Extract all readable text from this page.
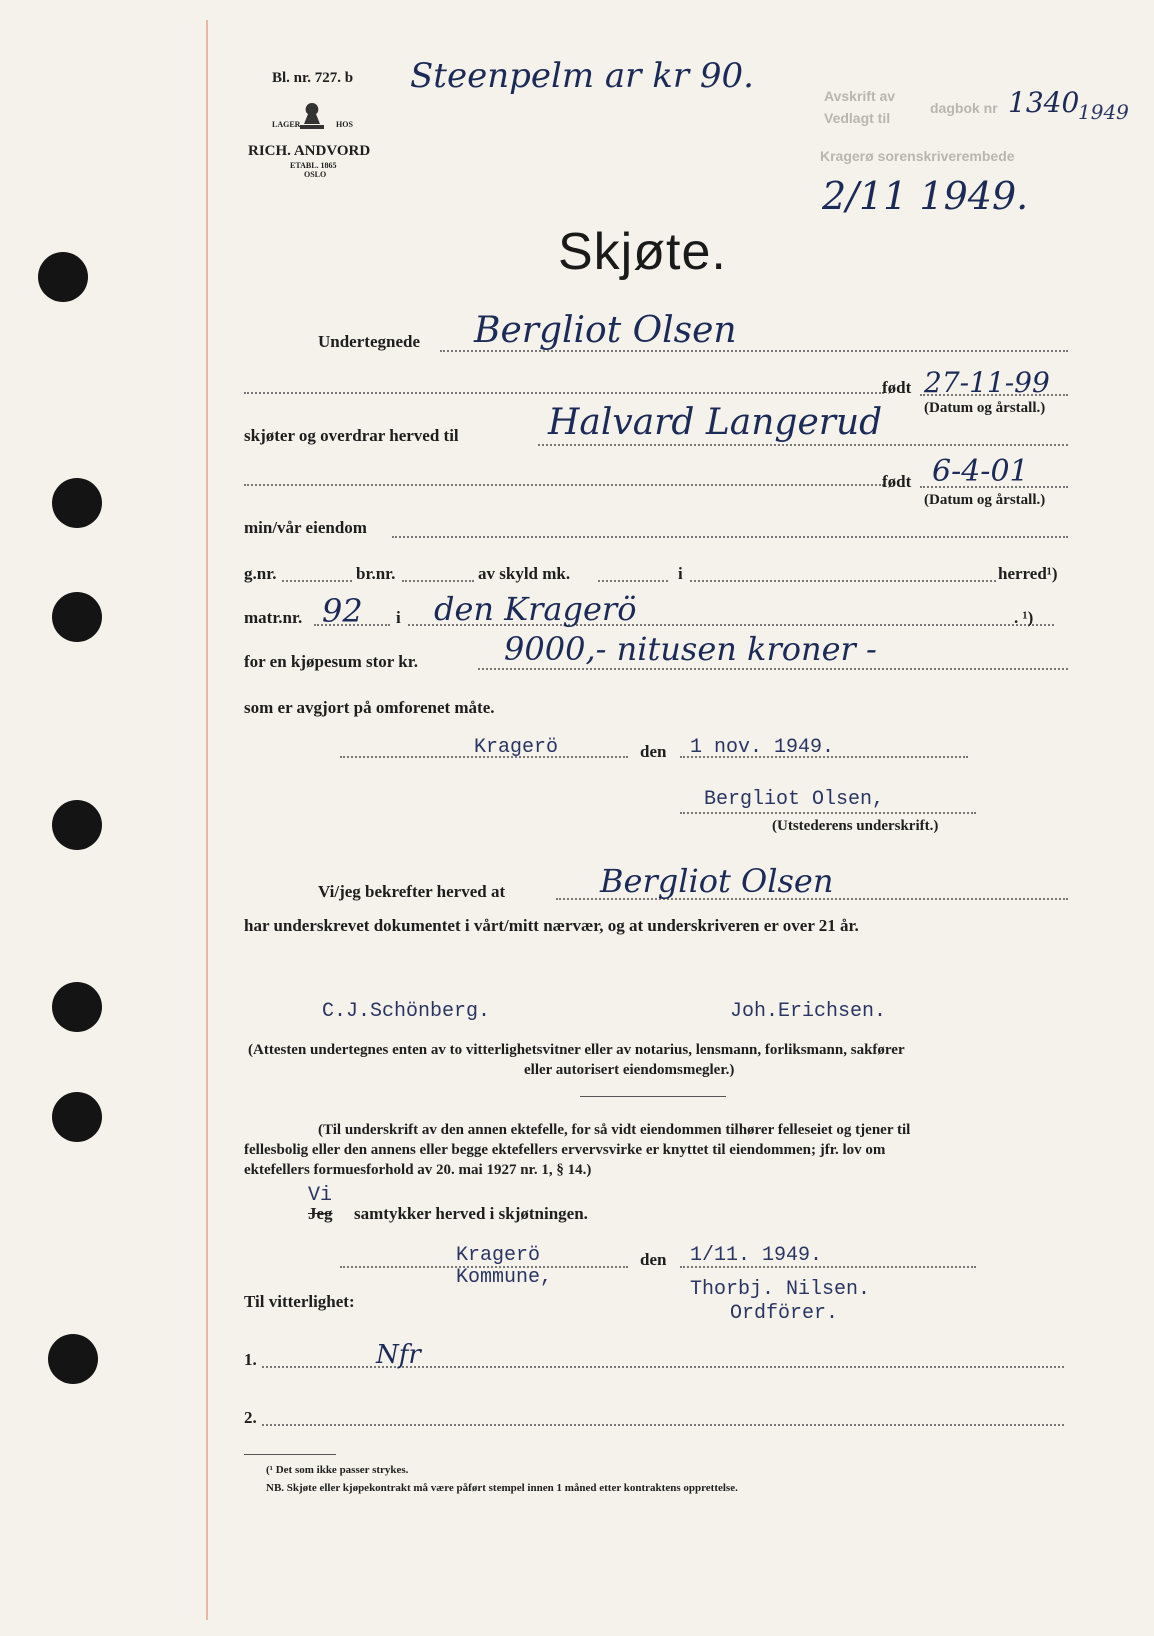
Bl. nr. 727. b
LAGER	HOS
RICH. ANDVORD
ETABL. 1865
OSLO
Steenpelm ar kr 90.	Avskrift av
dagbok nr
Vedlagt til
Kragerø sorenskriverembede
1340
1949
2/11 1949.
Skjøte.
Undertegnede Bergliot Olsen
født 27-11-99
(Datum og årstall.)
skjøter og overdrar herved til Halvard Langerud
født 6-4-01
(Datum og årstall.)
min/vår eiendom
g.nr.	br.nr.	av skyld mk.	i	herred¹)
matr.nr. 92 i den Kragerö	. ¹)
for en kjøpesum stor kr.	9000,- nitusen kroner -
som er avgjort på omforenet måte.
Kragerö	den 1 nov. 1949.
Bergliot Olsen,
(Utstederens underskrift.)
Vi/jeg bekrefter herved at	Bergliot Olsen
har underskrevet dokumentet i vårt/mitt nærvær, og at underskriveren er over 21 år.
C.J.Schönberg.	Joh.Erichsen.
(Attesten undertegnes enten av to vitterlighetsvitner eller av notarius, lensmann, forliksmann, sakfører
eller autorisert eiendomsmegler.)
(Til underskrift av den annen ektefelle, for så vidt eiendommen tilhører felleseiet og tjener til
fellesbolig eller den annens eller begge ektefellers ervervsvirke er knyttet til eiendommen; jfr. lov om
ektefellers formuesforhold av 20. mai 1927 nr. 1, § 14.)
Vi
Jeg samtykker herved i skjøtningen.
Kragerö
Kommune,
den 1/11. 1949.
Thorbj. Nilsen.
Ordförer.
Til vitterlighet:
1.	Nfr
2.
(¹ Det som ikke passer strykes.
NB. Skjøte eller kjøpekontrakt må være påført stempel innen 1 måned etter kontraktens opprettelse.
